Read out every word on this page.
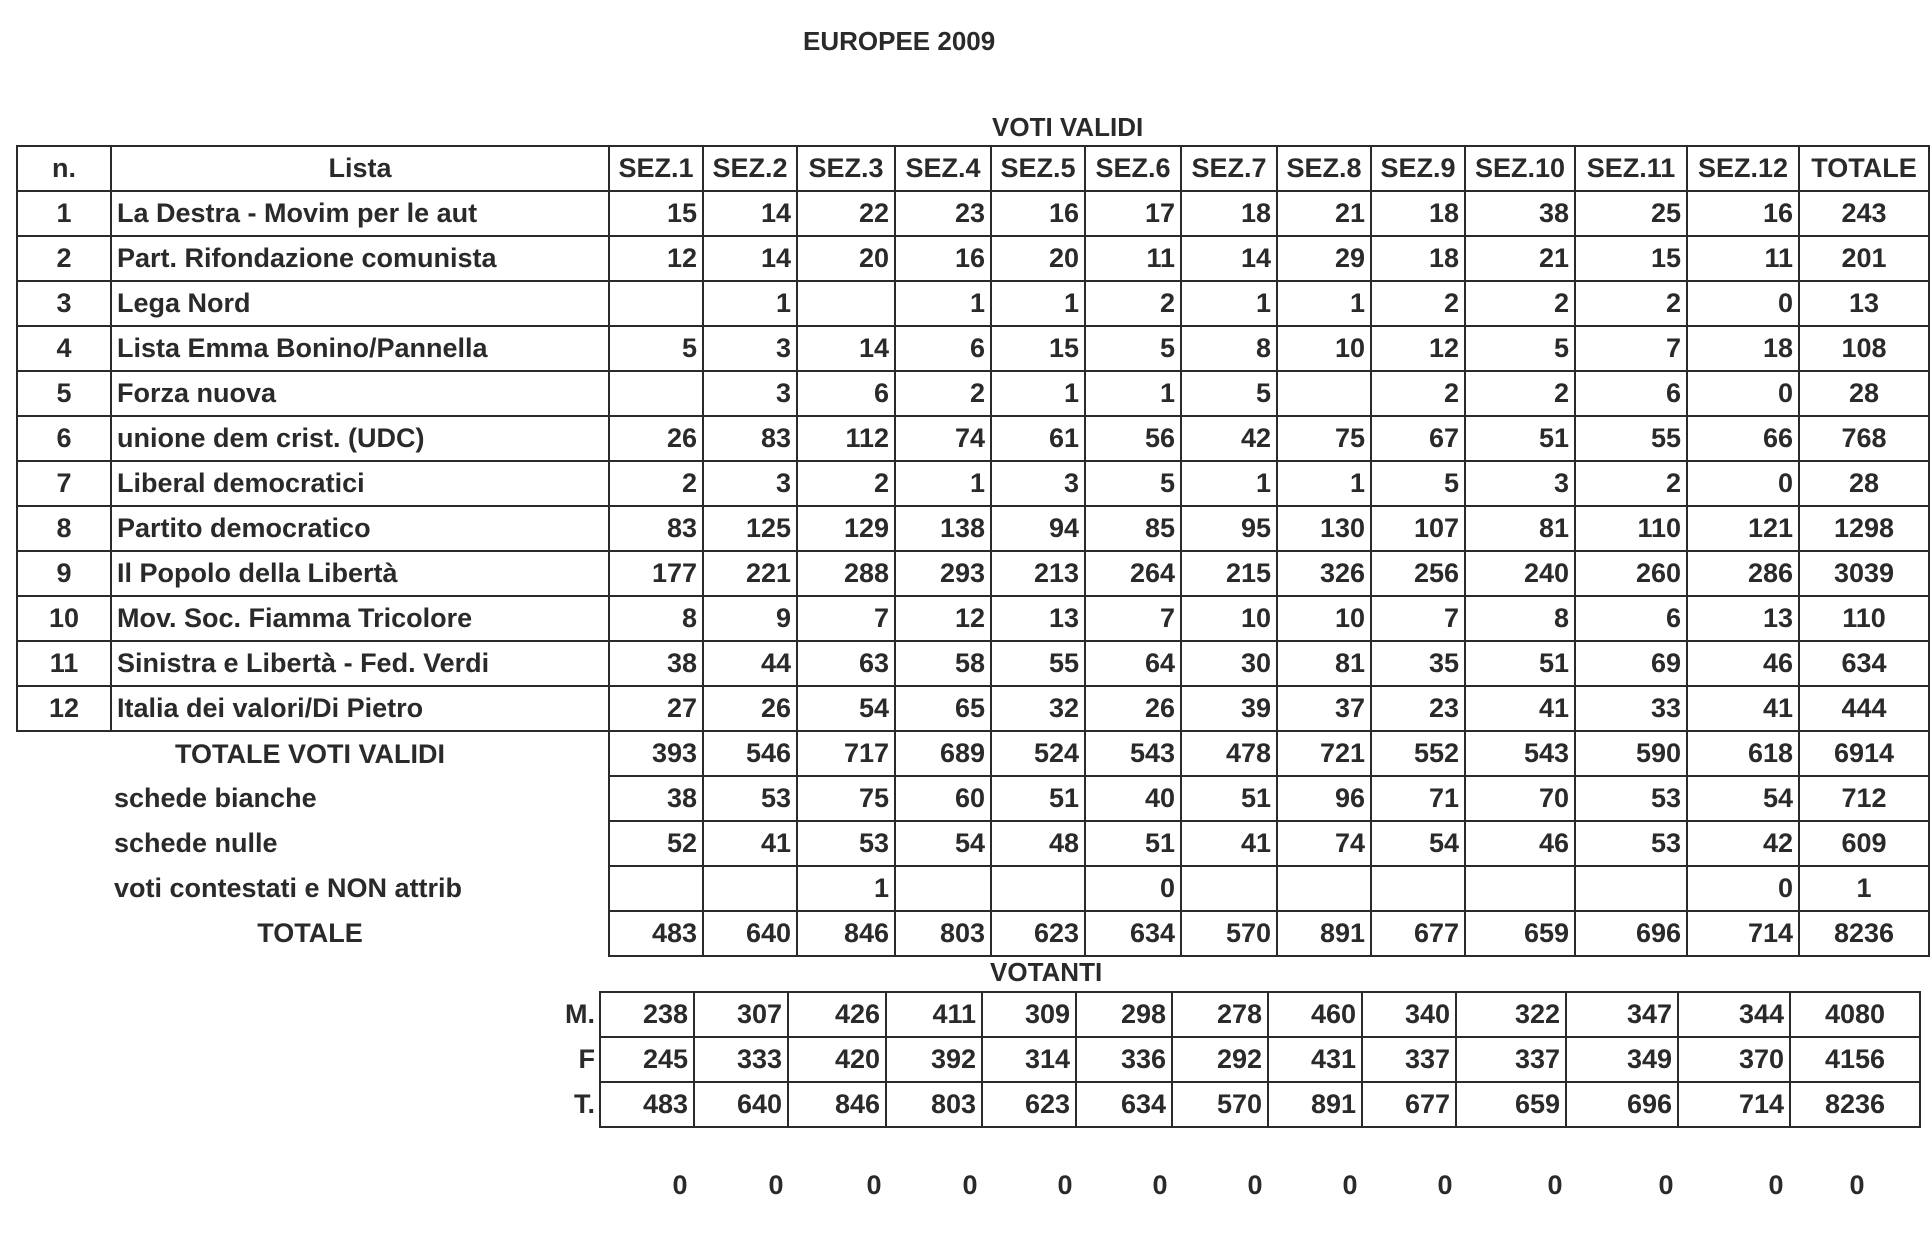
EUROPEE 2009
VOTI VALIDI
n.	Lista	SEZ.1	SEZ.2	SEZ.3	SEZ.4	SEZ.5	SEZ.6	SEZ.7	SEZ.8	SEZ.9	SEZ.10	SEZ.11	SEZ.12	TOTALE
1	La Destra - Movim per le aut	15	14	22	23	16	17	18	21	18	38	25	16	243
2	Part. Rifondazione comunista	12	14	20	16	20	11	14	29	18	21	15	11	201
3	Lega Nord		1		1	1	2	1	1	2	2	2	0	13
4	Lista Emma Bonino/Pannella	5	3	14	6	15	5	8	10	12	5	7	18	108
5	Forza nuova		3	6	2	1	1	5		2	2	6	0	28
6	unione dem crist. (UDC)	26	83	112	74	61	56	42	75	67	51	55	66	768
7	Liberal democratici	2	3	2	1	3	5	1	1	5	3	2	0	28
8	Partito democratico	83	125	129	138	94	85	95	130	107	81	110	121	1298
9	Il Popolo della Libertà	177	221	288	293	213	264	215	326	256	240	260	286	3039
10	Mov. Soc. Fiamma Tricolore	8	9	7	12	13	7	10	10	7	8	6	13	110
11	Sinistra e Libertà - Fed. Verdi	38	44	63	58	55	64	30	81	35	51	69	46	634
12	Italia dei valori/Di Pietro	27	26	54	65	32	26	39	37	23	41	33	41	444
TOTALE VOTI VALIDI		393	546	717	689	524	543	478	721	552	543	590	618	6914
schede bianche		38	53	75	60	51	40	51	96	71	70	53	54	712
schede nulle		52	41	53	54	48	51	41	74	54	46	53	42	609
voti contestati e NON attrib				1			0						0	1
TOTALE		483	640	846	803	623	634	570	891	677	659	696	714	8236
VOTANTI
M.	238	307	426	411	309	298	278	460	340	322	347	344	4080
F	245	333	420	392	314	336	292	431	337	337	349	370	4156
T.	483	640	846	803	623	634	570	891	677	659	696	714	8236
0	0	0	0	0	0	0	0	0	0	0	0	0
